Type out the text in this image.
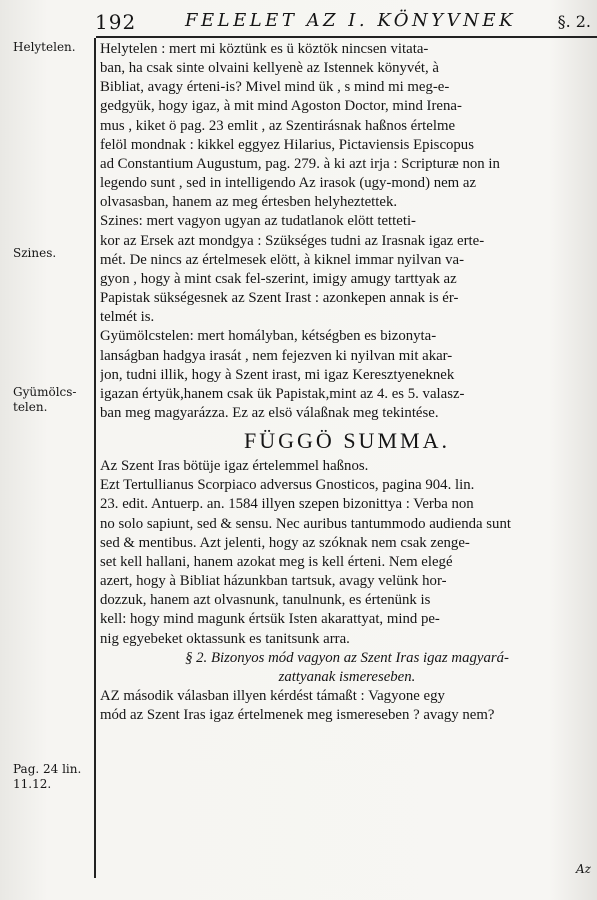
192	FELELET AZ I. KÖNYVNEK	§. 2.
Helytelen.
Szines.
Gyümölcs-
telen.
Pag. 24 lin.
11.12.
Helytelen : mert mi köztünk es ü köztök nincsen vitata-
ban, ha csak sinte olvaini kellyenè az Istennek könyvét, à
Bibliat, avagy érteni-is? Mivel mind ük , s mind mi meg-e-
gedgyük, hogy igaz, à mit mind Agoston Doctor, mind Irena-
mus , kiket ö pag. 23 emlit , az Szentirásnak haßnos értelme
felöl mondnak : kikkel eggyez Hilarius, Pictaviensis Episcopus
ad Constantium Augustum, pag. 279. à ki azt irja : Scripturæ non in
legendo sunt , sed in intelligendo Az irasok (ugy-mond) nem az
olvasasban, hanem az meg értesben helyheztettek.
Szines: mert vagyon ugyan az tudatlanok elött tetteti-
kor az Ersek azt mondgya : Szükséges tudni az Irasnak igaz erte-
mét. De nincs az értelmesek elött, à kiknel immar nyilvan va-
gyon , hogy à mint csak fel-szerint, imigy amugy tarttyak az
Papistak sükségesnek az Szent Irast : azonkepen annak is ér-
telmét is.
Gyümölcstelen: mert homályban, kétségben es bizonyta-
lanságban hadgya irasát , nem fejezven ki nyilvan mit akar-
jon, tudni illik, hogy à Szent irast, mi igaz Keresztyeneknek
igazan értyük,hanem csak ük Papistak,mint az 4. es 5. valasz-
ban meg magyarázza. Ez az elsö válaßnak meg tekintése.
FÜGGÖ SUMMA.
Az Szent Iras bötüje igaz értelemmel haßnos.
Ezt Tertullianus Scorpiaco adversus Gnosticos, pagina 904. lin.
23. edit. Antuerp. an. 1584 illyen szepen bizonittya : Verba non
no solo sapiunt, sed & sensu. Nec auribus tantummodo audienda sunt
sed & mentibus. Azt jelenti, hogy az szóknak nem csak zenge-
set kell hallani, hanem azokat meg is kell érteni. Nem elegé
azert, hogy à Bibliat házunkban tartsuk, avagy velünk hor-
dozzuk, hanem azt olvasnunk, tanulnunk, es értenünk is
kell: hogy mind magunk értsük Isten akarattyat, mind pe-
nig egyebeket oktassunk es tanitsunk arra.
§ 2. Bizonyos mód vagyon az Szent Iras igaz magyará-
zattyanak ismereseben.
AZ második válasban illyen kérdést támaßt : Vagyone egy
mód az Szent Iras igaz értelmenek meg ismereseben ? avagy nem?
Az
